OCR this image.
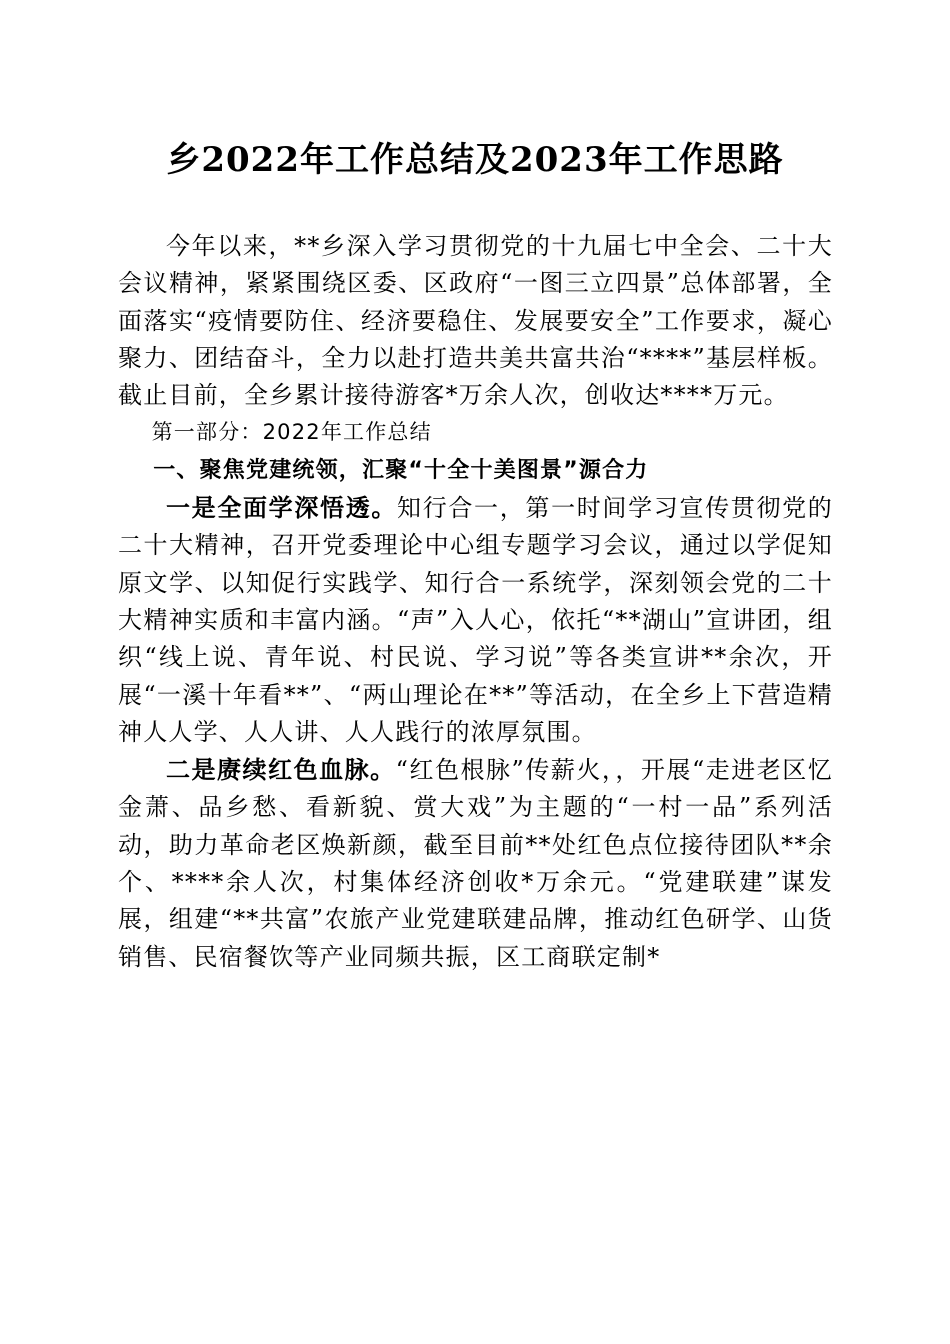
乡2022年工作总结及2023年工作思路

今年以来，**乡深入学习贯彻党的十九届七中全会、二十大会议精神，紧紧围绕区委、区政府“一图三立四景”总体部署，全面落实“疫情要防住、经济要稳住、发展要安全”工作要求，凝心聚力、团结奋斗，全力以赴打造共美共富共治“****”基层样板。截止目前，全乡累计接待游客*万余人次，创收达****万元。

第一部分：2022年工作总结

一、聚焦党建统领，汇聚“十全十美图景”源合力

一是全面学深悟透。知行合一，第一时间学习宣传贯彻党的二十大精神，召开党委理论中心组专题学习会议，通过以学促知原文学、以知促行实践学、知行合一系统学，深刻领会党的二十大精神实质和丰富内涵。“声”入人心，依托“**湖山”宣讲团，组织“线上说、青年说、村民说、学习说”等各类宣讲**余次，开展“一溪十年看**”、“两山理论在**”等活动，在全乡上下营造精神人人学、人人讲、人人践行的浓厚氛围。

二是赓续红色血脉。“红色根脉”传薪火，，开展“走进老区忆金萧、品乡愁、看新貌、赏大戏”为主题的“一村一品”系列活动，助力革命老区焕新颜，截至目前**处红色点位接待团队**余个、****余人次，村集体经济创收*万余元。“党建联建”谋发展，组建“**共富”农旅产业党建联建品牌，推动红色研学、山货销售、民宿餐饮等产业同频共振，区工商联定制*
